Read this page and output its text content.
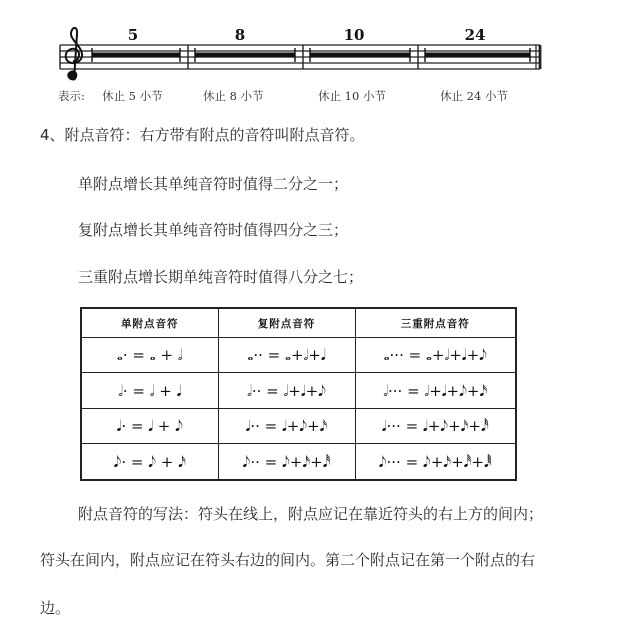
5	8	10	24
表示: 休止 5 小节	休止 8 小节	休止 10 小节	休止 24 小节
4、附点音符：右方带有附点的音符叫附点音符。
单附点增长其单纯音符时值得二分之一；
复附点增长其单纯音符时值得四分之三；
三重附点增长期单纯音符时值得八分之七；
单附点音符	复附点音符	三重附点音符
𝅝· = 𝅝 + 𝅗𝅥	𝅝·· = 𝅝+𝅗𝅥+𝅘𝅥	𝅝··· = 𝅝+𝅗𝅥+𝅘𝅥+𝅘𝅥𝅮
𝅗𝅥· = 𝅗𝅥 + 𝅘𝅥	𝅗𝅥·· = 𝅗𝅥+𝅘𝅥+𝅘𝅥𝅮	𝅗𝅥··· = 𝅗𝅥+𝅘𝅥+𝅘𝅥𝅮+𝅘𝅥𝅯
𝅘𝅥· = 𝅘𝅥 + 𝅘𝅥𝅮	𝅘𝅥·· = 𝅘𝅥+𝅘𝅥𝅮+𝅘𝅥𝅯	𝅘𝅥··· = 𝅘𝅥+𝅘𝅥𝅮+𝅘𝅥𝅯+𝅘𝅥𝅰
𝅘𝅥𝅮· = 𝅘𝅥𝅮 + 𝅘𝅥𝅯	𝅘𝅥𝅮·· = 𝅘𝅥𝅮+𝅘𝅥𝅯+𝅘𝅥𝅰	𝅘𝅥𝅮··· = 𝅘𝅥𝅮+𝅘𝅥𝅯+𝅘𝅥𝅰+𝅘𝅥𝅱
附点音符的写法：符头在线上，附点应记在靠近符头的右上方的间内；
符头在间内，附点应记在符头右边的间内。第二个附点记在第一个附点的右
边。
